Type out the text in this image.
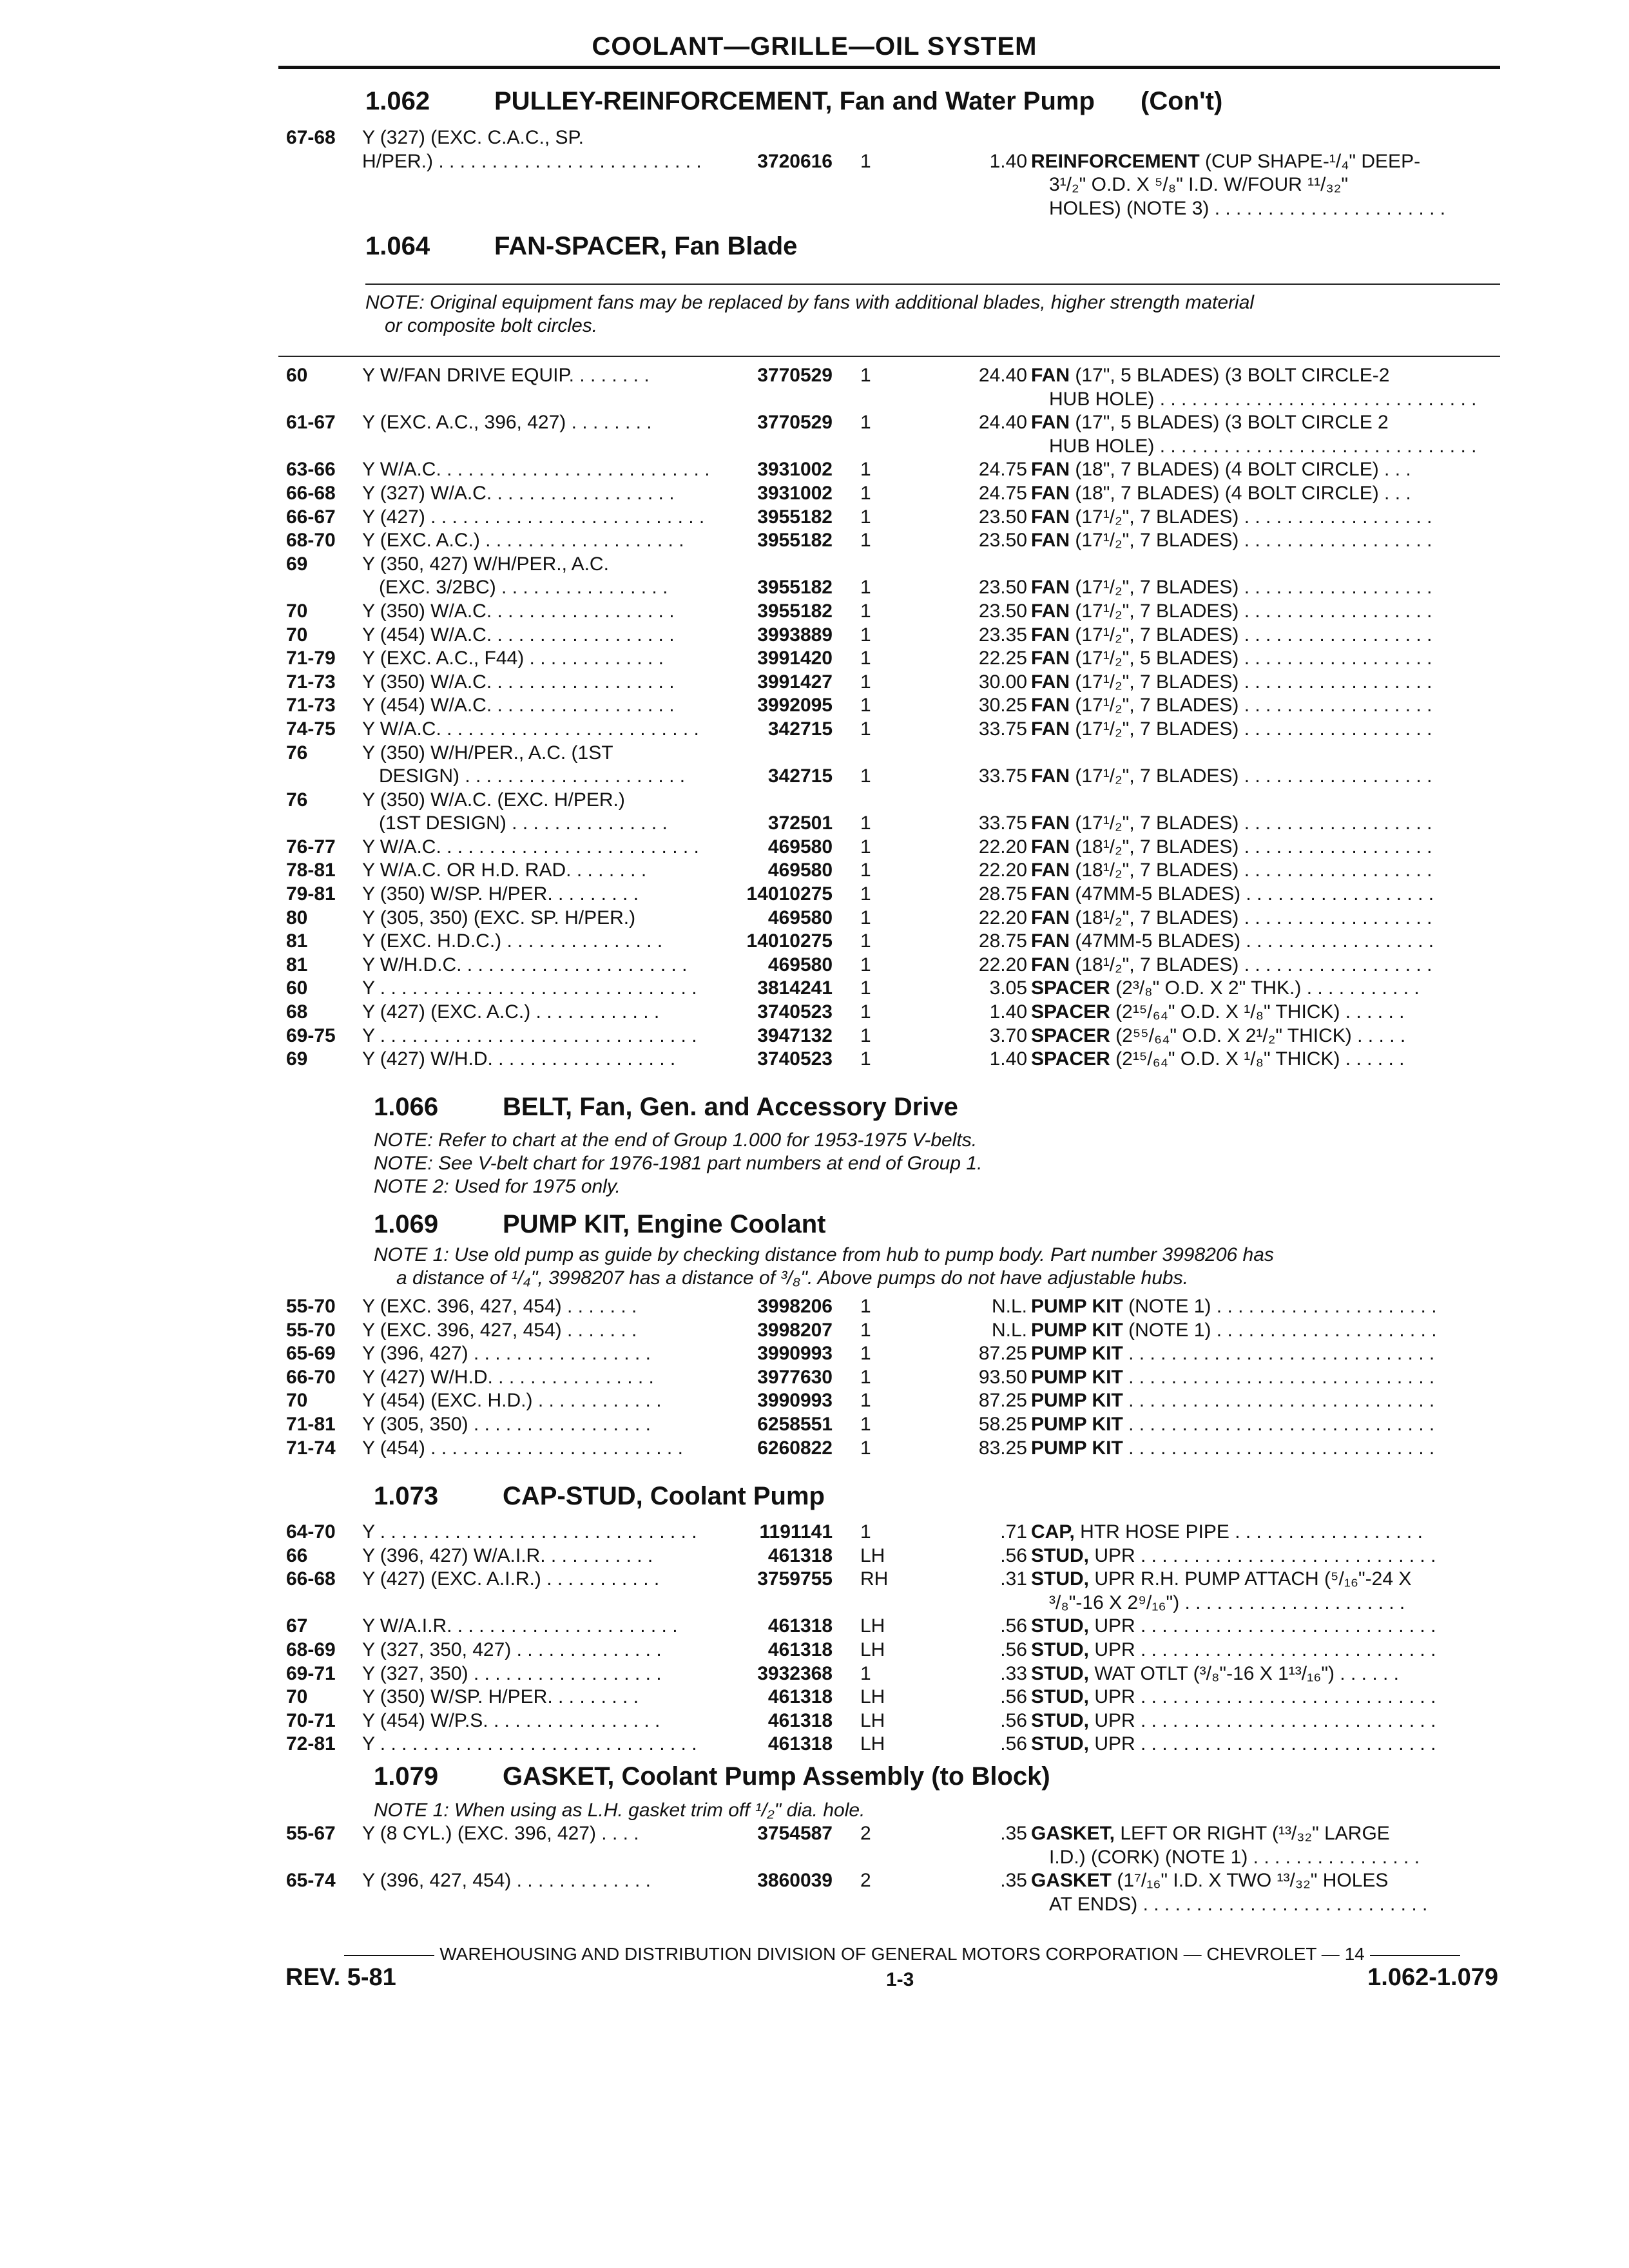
COOLANT—GRILLE—OIL SYSTEM
1.062 PULLEY-REINFORCEMENT, Fan and Water Pump (Con't)
67-68 Y (327) (EXC. C.A.C., SP.
H/PER.) . . . . . . . . . . . . . . . . . . . . . . . . .	3720616 1	1.40 REINFORCEMENT (CUP SHAPE-¹/₄" DEEP-
3¹/₂" O.D. X ⁵/₈" I.D. W/FOUR ¹¹/₃₂"
HOLES) (NOTE 3) . . . . . . . . . . . . . . . . . . . . . .
1.064 FAN-SPACER, Fan Blade
NOTE: Original equipment fans may be replaced by fans with additional blades, higher strength material
or composite bolt circles.
60	Y W/FAN DRIVE EQUIP. . . . . . . .	3770529 1	24.40 FAN (17", 5 BLADES) (3 BOLT CIRCLE-2
HUB HOLE) . . . . . . . . . . . . . . . . . . . . . . . . . . . . . .
61-67 Y (EXC. A.C., 396, 427) . . . . . . . .	3770529 1	24.40 FAN (17", 5 BLADES) (3 BOLT CIRCLE 2
HUB HOLE) . . . . . . . . . . . . . . . . . . . . . . . . . . . . . .
63-66 Y W/A.C. . . . . . . . . . . . . . . . . . . . . . . . . .	3931002 1	24.75 FAN (18", 7 BLADES) (4 BOLT CIRCLE) . . .
66-68 Y (327) W/A.C. . . . . . . . . . . . . . . . . .	3931002 1	24.75 FAN (18", 7 BLADES) (4 BOLT CIRCLE) . . .
66-67 Y (427) . . . . . . . . . . . . . . . . . . . . . . . . . .	3955182 1	23.50 FAN (17¹/₂", 7 BLADES) . . . . . . . . . . . . . . . . . .
68-70 Y (EXC. A.C.) . . . . . . . . . . . . . . . . . . .	3955182 1	23.50 FAN (17¹/₂", 7 BLADES) . . . . . . . . . . . . . . . . . .
69	Y (350, 427) W/H/PER., A.C.
(EXC. 3/2BC) . . . . . . . . . . . . . . . .	3955182 1	23.50 FAN (17¹/₂", 7 BLADES) . . . . . . . . . . . . . . . . . .
70	Y (350) W/A.C. . . . . . . . . . . . . . . . . .	3955182 1	23.50 FAN (17¹/₂", 7 BLADES) . . . . . . . . . . . . . . . . . .
70	Y (454) W/A.C. . . . . . . . . . . . . . . . . .	3993889 1	23.35 FAN (17¹/₂", 7 BLADES) . . . . . . . . . . . . . . . . . .
71-79 Y (EXC. A.C., F44) . . . . . . . . . . . . .	3991420 1	22.25 FAN (17¹/₂", 5 BLADES) . . . . . . . . . . . . . . . . . .
71-73 Y (350) W/A.C. . . . . . . . . . . . . . . . . .	3991427 1	30.00 FAN (17¹/₂", 7 BLADES) . . . . . . . . . . . . . . . . . .
71-73 Y (454) W/A.C. . . . . . . . . . . . . . . . . .	3992095 1	30.25 FAN (17¹/₂", 7 BLADES) . . . . . . . . . . . . . . . . . .
74-75 Y W/A.C. . . . . . . . . . . . . . . . . . . . . . . . .	342715 1	33.75 FAN (17¹/₂", 7 BLADES) . . . . . . . . . . . . . . . . . .
76	Y (350) W/H/PER., A.C. (1ST
DESIGN) . . . . . . . . . . . . . . . . . . . . .	342715 1	33.75 FAN (17¹/₂", 7 BLADES) . . . . . . . . . . . . . . . . . .
76	Y (350) W/A.C. (EXC. H/PER.)
(1ST DESIGN) . . . . . . . . . . . . . . .	372501 1	33.75 FAN (17¹/₂", 7 BLADES) . . . . . . . . . . . . . . . . . .
76-77 Y W/A.C. . . . . . . . . . . . . . . . . . . . . . . . .	469580 1	22.20 FAN (18¹/₂", 7 BLADES) . . . . . . . . . . . . . . . . . .
78-81 Y W/A.C. OR H.D. RAD. . . . . . . .	469580 1	22.20 FAN (18¹/₂", 7 BLADES) . . . . . . . . . . . . . . . . . .
79-81 Y (350) W/SP. H/PER. . . . . . . . .	14010275 1	28.75 FAN (47MM-5 BLADES) . . . . . . . . . . . . . . . . . .
80	Y (305, 350) (EXC. SP. H/PER.)	469580 1	22.20 FAN (18¹/₂", 7 BLADES) . . . . . . . . . . . . . . . . . .
81	Y (EXC. H.D.C.) . . . . . . . . . . . . . . .	14010275 1	28.75 FAN (47MM-5 BLADES) . . . . . . . . . . . . . . . . . .
81	Y W/H.D.C. . . . . . . . . . . . . . . . . . . . . .	469580 1	22.20 FAN (18¹/₂", 7 BLADES) . . . . . . . . . . . . . . . . . .
60	Y . . . . . . . . . . . . . . . . . . . . . . . . . . . . . .	3814241 1	3.05 SPACER (2³/₈" O.D. X 2" THK.) . . . . . . . . . . .
68	Y (427) (EXC. A.C.) . . . . . . . . . . . .	3740523 1	1.40 SPACER (2¹⁵/₆₄" O.D. X ¹/₈" THICK) . . . . . .
69-75 Y . . . . . . . . . . . . . . . . . . . . . . . . . . . . . .	3947132 1	3.70 SPACER (2⁵⁵/₆₄" O.D. X 2¹/₂" THICK) . . . . .
69	Y (427) W/H.D. . . . . . . . . . . . . . . . . .	3740523 1	1.40 SPACER (2¹⁵/₆₄" O.D. X ¹/₈" THICK) . . . . . .
1.066 BELT, Fan, Gen. and Accessory Drive
NOTE: Refer to chart at the end of Group 1.000 for 1953-1975 V-belts.
NOTE: See V-belt chart for 1976-1981 part numbers at end of Group 1.
NOTE 2: Used for 1975 only.
1.069 PUMP KIT, Engine Coolant
NOTE 1: Use old pump as guide by checking distance from hub to pump body. Part number 3998206 has
a distance of ¹/₄", 3998207 has a distance of ³/₈". Above pumps do not have adjustable hubs.
55-70 Y (EXC. 396, 427, 454) . . . . . . .	3998206 1	N.L. PUMP KIT (NOTE 1) . . . . . . . . . . . . . . . . . . . . .
55-70 Y (EXC. 396, 427, 454) . . . . . . .	3998207 1	N.L. PUMP KIT (NOTE 1) . . . . . . . . . . . . . . . . . . . . .
65-69 Y (396, 427) . . . . . . . . . . . . . . . . .	3990993 1	87.25 PUMP KIT . . . . . . . . . . . . . . . . . . . . . . . . . . . . .
66-70 Y (427) W/H.D. . . . . . . . . . . . . . . .	3977630 1	93.50 PUMP KIT . . . . . . . . . . . . . . . . . . . . . . . . . . . . .
70	Y (454) (EXC. H.D.) . . . . . . . . . . . .	3990993 1	87.25 PUMP KIT . . . . . . . . . . . . . . . . . . . . . . . . . . . . .
71-81 Y (305, 350) . . . . . . . . . . . . . . . . .	6258551 1	58.25 PUMP KIT . . . . . . . . . . . . . . . . . . . . . . . . . . . . .
71-74 Y (454) . . . . . . . . . . . . . . . . . . . . . . . .	6260822 1	83.25 PUMP KIT . . . . . . . . . . . . . . . . . . . . . . . . . . . . .
1.073 CAP-STUD, Coolant Pump
64-70 Y . . . . . . . . . . . . . . . . . . . . . . . . . . . . . .	1191141 1	.71 CAP, HTR HOSE PIPE . . . . . . . . . . . . . . . . . .
66	Y (396, 427) W/A.I.R. . . . . . . . . . .	461318 LH	.56 STUD, UPR . . . . . . . . . . . . . . . . . . . . . . . . . . . .
66-68 Y (427) (EXC. A.I.R.) . . . . . . . . . . .	3759755 RH	.31 STUD, UPR R.H. PUMP ATTACH (⁵/₁₆"-24 X
³/₈"-16 X 2⁹/₁₆") . . . . . . . . . . . . . . . . . . . . .
67	Y W/A.I.R. . . . . . . . . . . . . . . . . . . . . .	461318 LH	.56 STUD, UPR . . . . . . . . . . . . . . . . . . . . . . . . . . . .
68-69 Y (327, 350, 427) . . . . . . . . . . . . . .	461318 LH	.56 STUD, UPR . . . . . . . . . . . . . . . . . . . . . . . . . . . .
69-71 Y (327, 350) . . . . . . . . . . . . . . . . . .	3932368 1	.33 STUD, WAT OTLT (³/₈"-16 X 1¹³/₁₆") . . . . . .
70	Y (350) W/SP. H/PER. . . . . . . . .	461318 LH	.56 STUD, UPR . . . . . . . . . . . . . . . . . . . . . . . . . . . .
70-71 Y (454) W/P.S. . . . . . . . . . . . . . . . .	461318 LH	.56 STUD, UPR . . . . . . . . . . . . . . . . . . . . . . . . . . . .
72-81 Y . . . . . . . . . . . . . . . . . . . . . . . . . . . . . .	461318 LH	.56 STUD, UPR . . . . . . . . . . . . . . . . . . . . . . . . . . . .
1.079 GASKET, Coolant Pump Assembly (to Block)
NOTE 1: When using as L.H. gasket trim off ¹/₂" dia. hole.
55-67 Y (8 CYL.) (EXC. 396, 427) . . . .	3754587 2	.35 GASKET, LEFT OR RIGHT (¹³/₃₂" LARGE
I.D.) (CORK) (NOTE 1) . . . . . . . . . . . . . . . .
65-74 Y (396, 427, 454) . . . . . . . . . . . . .	3860039 2	.35 GASKET (1⁷/₁₆" I.D. X TWO ¹³/₃₂" HOLES
AT ENDS) . . . . . . . . . . . . . . . . . . . . . . . . . . .
WAREHOUSING AND DISTRIBUTION DIVISION OF GENERAL MOTORS CORPORATION — CHEVROLET — 14
REV. 5-81	1-3	1.062-1.079
